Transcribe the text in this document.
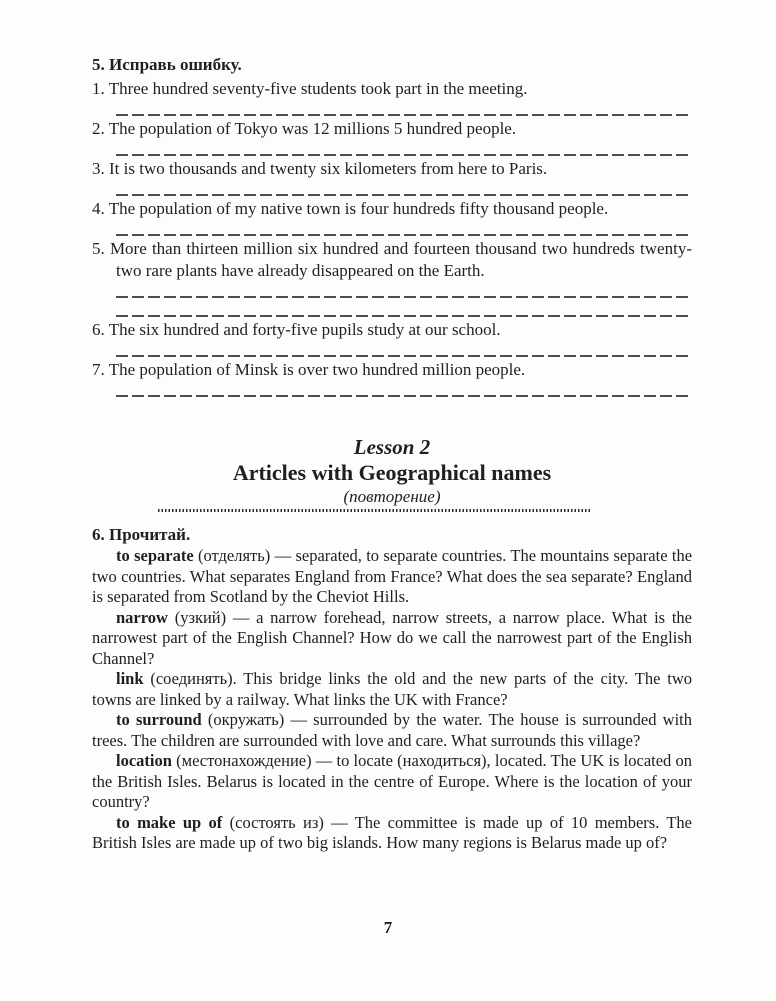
5. Исправь ошибку.
1. Three hundred seventy-five students took part in the meeting.
2. The population of Tokyo was 12 millions 5 hundred people.
3. It is two thousands and twenty six kilometers from here to Paris.
4. The population of my native town is four hundreds fifty thousand people.
5. More than thirteen million six hundred and fourteen thousand two hundreds twenty-two rare plants have already disappeared on the Earth.
6. The six hundred and forty-five pupils study at our school.
7. The population of Minsk is over two hundred million people.
Lesson 2
Articles with Geographical names
(повторение)
6. Прочитай.

to separate (отделять) — separated, to separate countries. The mountains separate the two countries. What separates England from France? What does the sea separate? England is separated from Scotland by the Cheviot Hills.

narrow (узкий) — a narrow forehead, narrow streets, a narrow place. What is the narrowest part of the English Channel? How do we call the narrowest part of the English Channel?

link (соединять). This bridge links the old and the new parts of the city. The two towns are linked by a railway. What links the UK with France?

to surround (окружать) — surrounded by the water. The house is surrounded with trees. The children are surrounded with love and care. What surrounds this village?

location (местонахождение) — to locate (находиться), located. The UK is located on the British Isles. Belarus is located in the centre of Europe. Where is the location of your country?

to make up of (состоять из) — The committee is made up of 10 members. The British Isles are made up of two big islands. How many regions is Belarus made up of?

7
